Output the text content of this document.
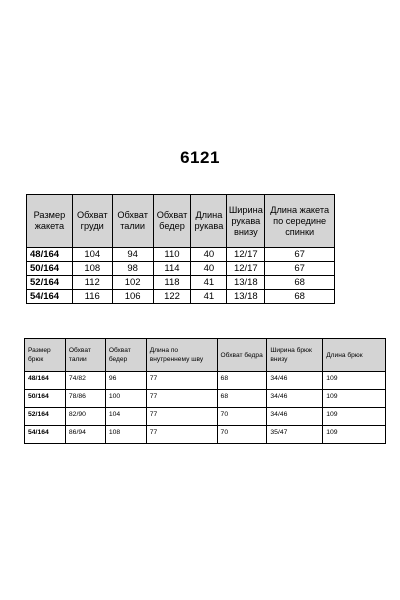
6121
Размер жакета	Обхват груди	Обхват талии	Обхват бедер	Длина рукава	Ширина рукава внизу	Длина жакета по середине спинки
48/164	104	94	110	40	12/17	67
50/164	108	98	114	40	12/17	67
52/164	112	102	118	41	13/18	68
54/164	116	106	122	41	13/18	68
Размер брюк	Обхват талии	Обхват бедер	Длина по внутреннему шву	Обхват бедра	Ширина брюк внизу	Длина брюк
48/164	74/82	96	77	68	34/46	109
50/164	78/86	100	77	68	34/46	109
52/164	82/90	104	77	70	34/46	109
54/164	86/94	108	77	70	35/47	109
